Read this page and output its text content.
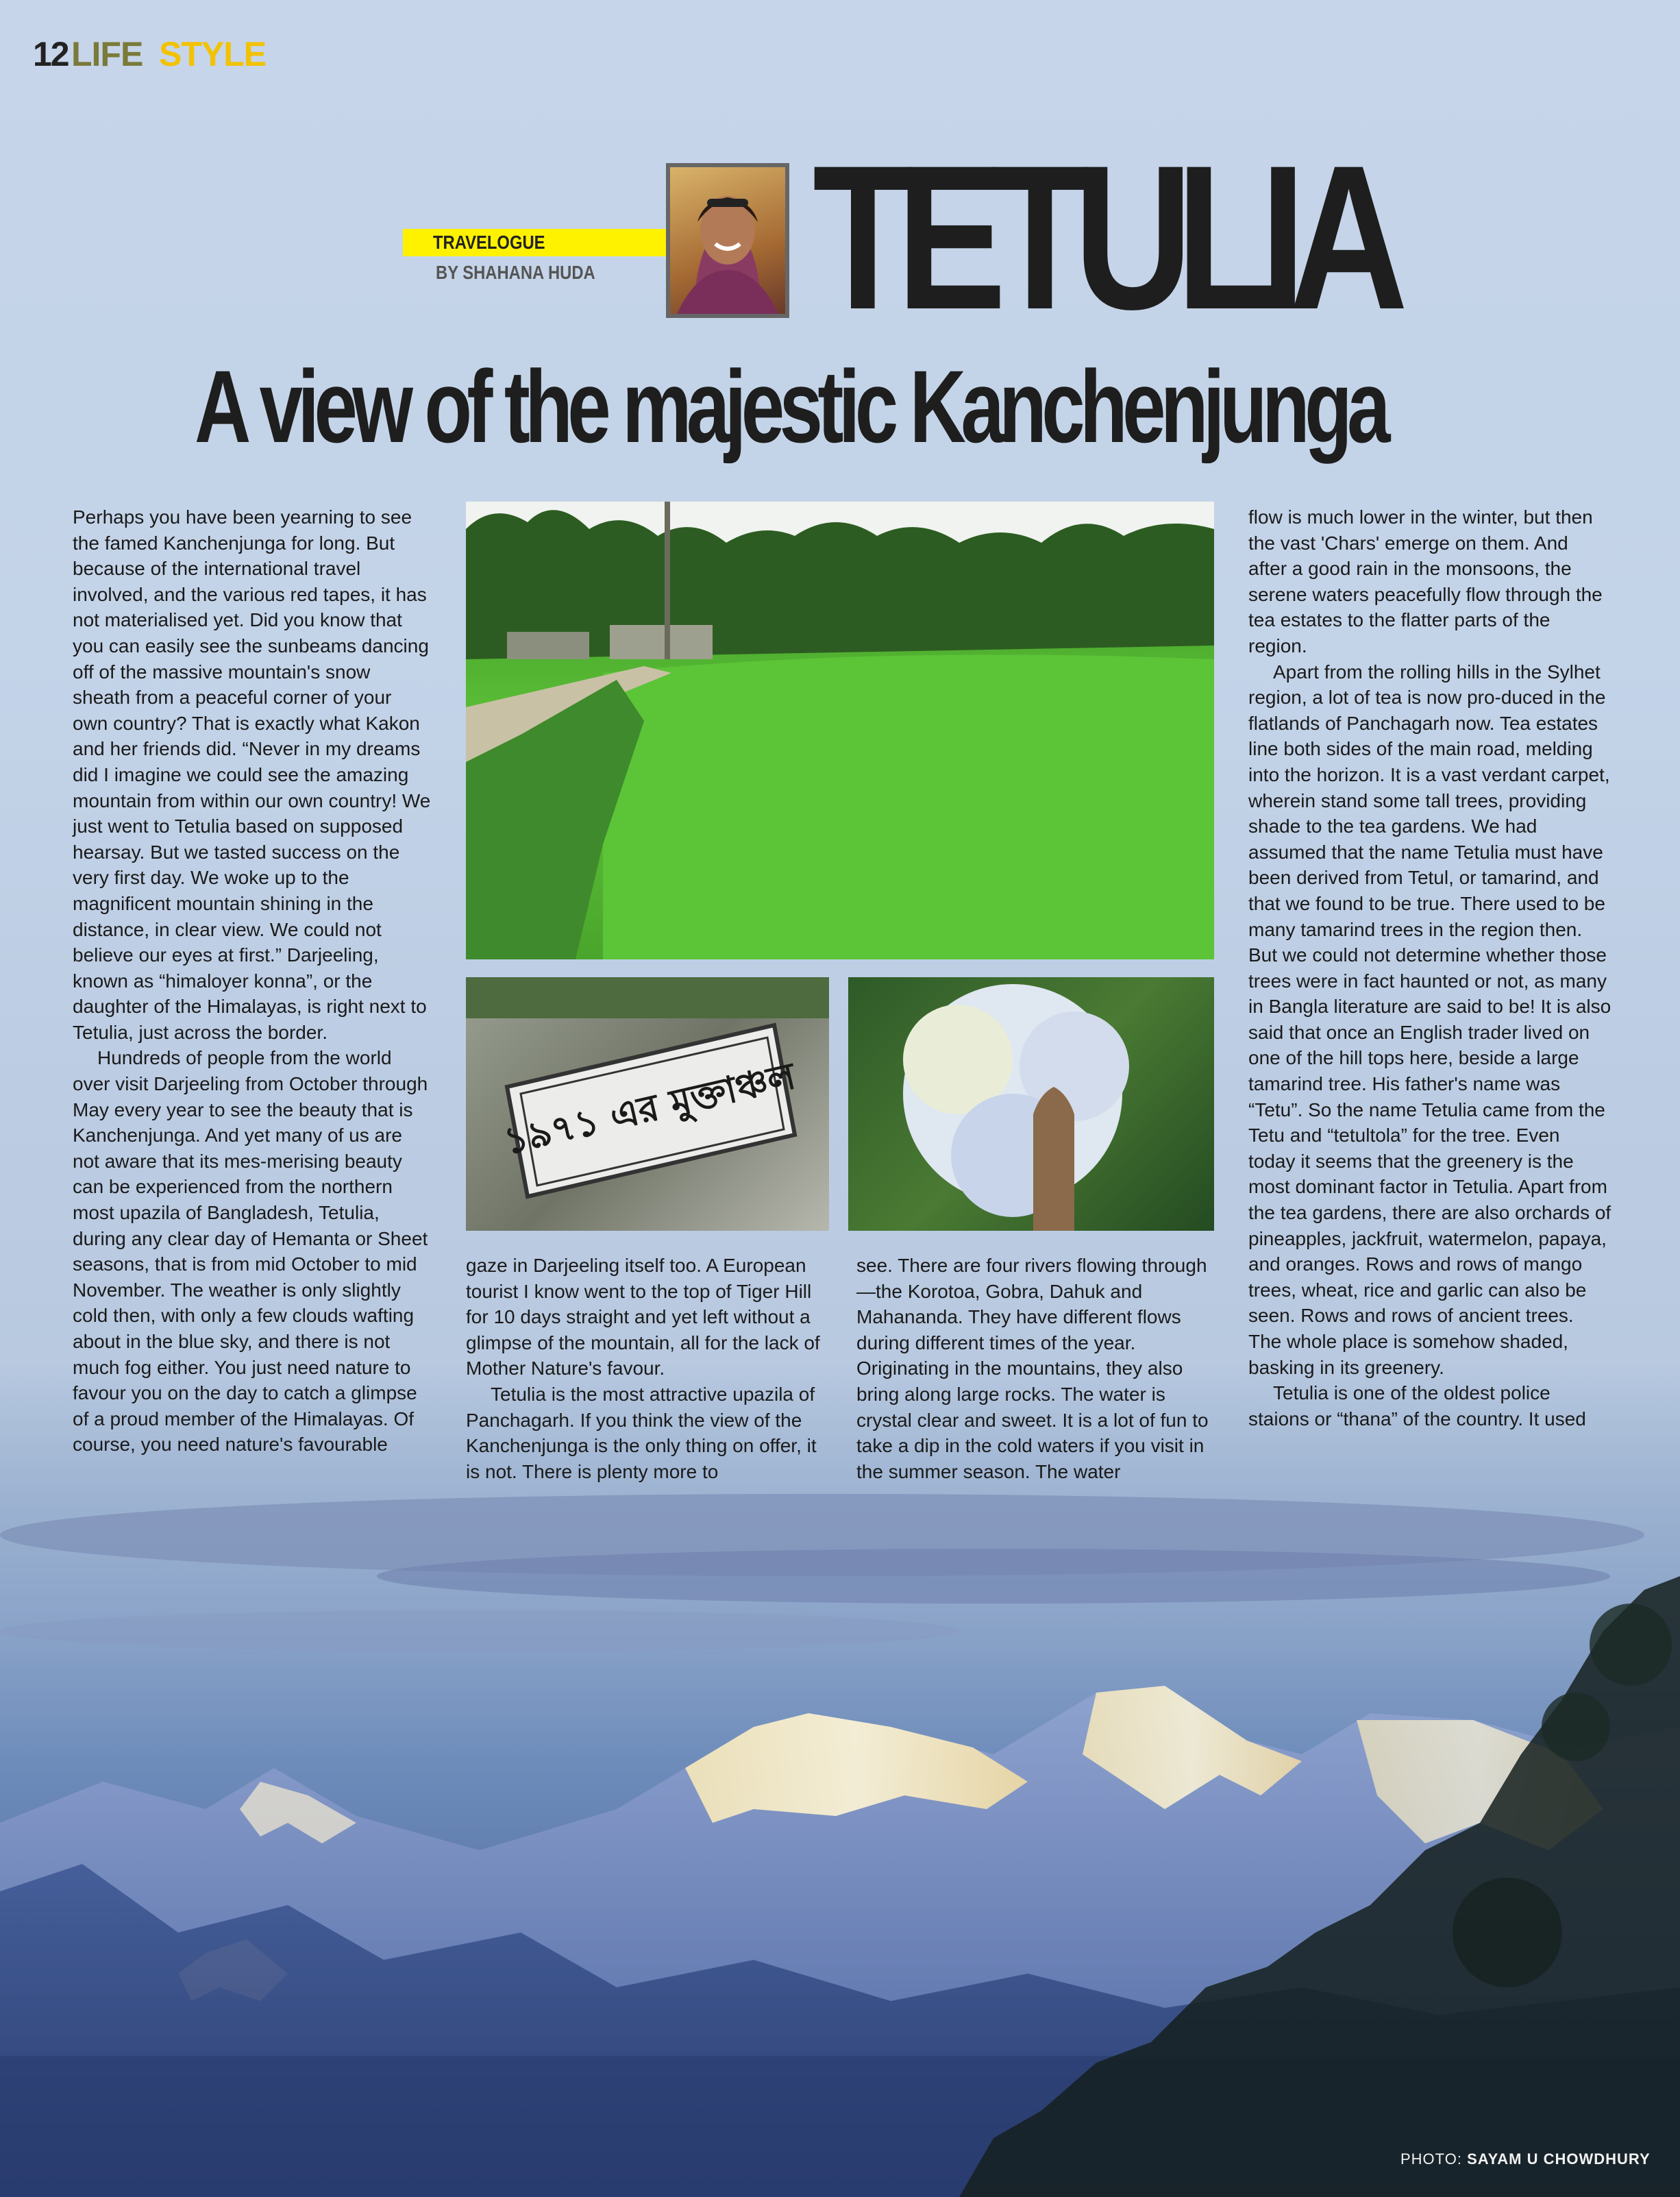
12 LIFE STYLE
TRAVELOGUE
BY SHAHANA HUDA TETULIA
A view of the majestic Kanchenjunga

Perhaps you have been yearning to see the famed Kanchenjunga for long. But because of the international travel involved, and the various red tapes, it has not materialised yet. Did you know that you can easily see the sunbeams dancing off of the massive mountain's snow sheath from a peaceful corner of your own country? That is exactly what Kakon and her friends did. “Never in my dreams did I imagine we could see the amazing mountain from within our own country! We just went to Tetulia based on supposed hearsay. But we tasted success on the very first day. We woke up to the magnificent mountain shining in the distance, in clear view. We could not believe our eyes at first.” Darjeeling, known as “himaloyer konna”, or the daughter of the Himalayas, is right next to Tetulia, just across the border.

Hundreds of people from the world over visit Darjeeling from October through May every year to see the beauty that is Kanchenjunga. And yet many of us are not aware that its mes-merising beauty can be experienced from the northern most upazila of Bangladesh, Tetulia, during any clear day of Hemanta or Sheet seasons, that is from mid October to mid November. The weather is only slightly cold then, with only a few clouds wafting about in the blue sky, and there is not much fog either. You just need nature to favour you on the day to catch a glimpse of a proud member of the Himalayas. Of course, you need nature's favourable

gaze in Darjeeling itself too. A European tourist I know went to the top of Tiger Hill for 10 days straight and yet left without a glimpse of the mountain, all for the lack of Mother Nature's favour.

Tetulia is the most attractive upazila of Panchagarh. If you think the view of the Kanchenjunga is the only thing on offer, it is not. There is plenty more to

see. There are four rivers flowing through—the Korotoa, Gobra, Dahuk and Mahananda. They have different flows during different times of the year. Originating in the mountains, they also bring along large rocks. The water is crystal clear and sweet. It is a lot of fun to take a dip in the cold waters if you visit in the summer season. The water

flow is much lower in the winter, but then the vast 'Chars' emerge on them. And after a good rain in the monsoons, the serene waters peacefully flow through the tea estates to the flatter parts of the region.

Apart from the rolling hills in the Sylhet region, a lot of tea is now pro-duced in the flatlands of Panchagarh now. Tea estates line both sides of the main road, melding into the horizon. It is a vast verdant carpet, wherein stand some tall trees, providing shade to the tea gardens. We had assumed that the name Tetulia must have been derived from Tetul, or tamarind, and that we found to be true. There used to be many tamarind trees in the region then. But we could not determine whether those trees were in fact haunted or not, as many in Bangla literature are said to be! It is also said that once an English trader lived on one of the hill tops here, beside a large tamarind tree. His father's name was “Tetu”. So the name Tetulia came from the Tetu and “tetultola” for the tree. Even today it seems that the greenery is the most dominant factor in Tetulia. Apart from the tea gardens, there are also orchards of pineapples, jackfruit, watermelon, papaya, and oranges. Rows and rows of mango trees, wheat, rice and garlic can also be seen. Rows and rows of ancient trees. The whole place is somehow shaded, basking in its greenery.

Tetulia is one of the oldest police staions or “thana” of the country. It used

১৯৭১ এর মুক্তাঞ্চল
PHOTO: SAYAM U CHOWDHURY
